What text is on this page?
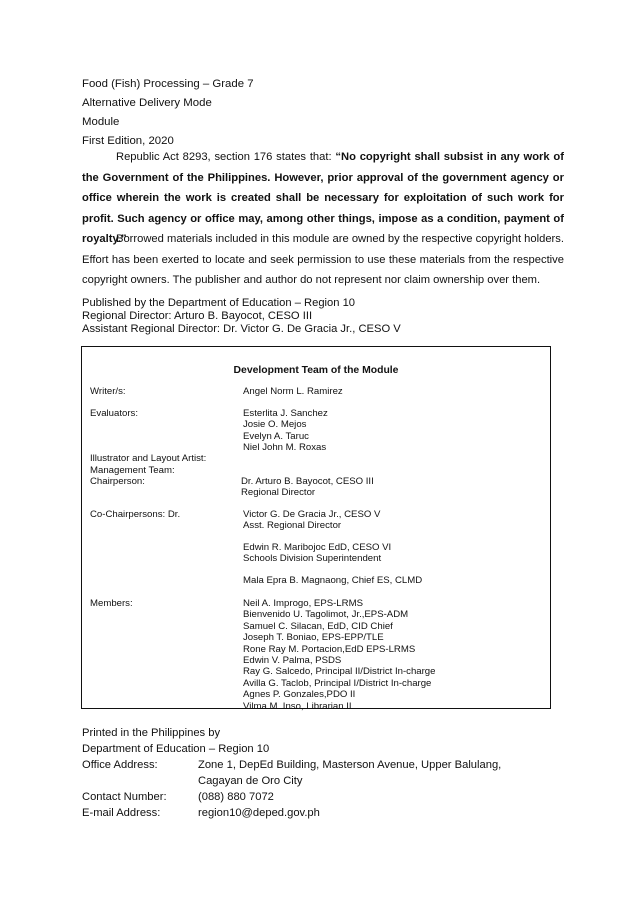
Food (Fish) Processing – Grade 7
Alternative Delivery Mode
Module
First Edition, 2020
Republic Act 8293, section 176 states that: “No copyright shall subsist in any work of the Government of the Philippines. However, prior approval of the government agency or office wherein the work is created shall be necessary for exploitation of such work for profit. Such agency or office may, among other things, impose as a condition, payment of royalty.”
Borrowed materials included in this module are owned by the respective copyright holders. Effort has been exerted to locate and seek permission to use these materials from the respective copyright owners. The publisher and author do not represent nor claim ownership over them.
Published by the Department of Education – Region 10
Regional Director: Arturo B. Bayocot, CESO III
Assistant Regional Director: Dr. Victor G. De Gracia Jr., CESO V
Development Team of the Module
Writer/s:	Angel Norm L. Ramirez
Evaluators:	Esterlita J. Sanchez
Josie O. Mejos
Evelyn A. Taruc
Niel John M. Roxas
Illustrator and Layout Artist:
Management Team:
Chairperson:	Dr. Arturo B. Bayocot, CESO III
Regional Director
Co-Chairpersons: Dr.	Victor G. De Gracia Jr., CESO V
Asst. Regional Director
Edwin R. Maribojoc EdD, CESO VI
Schools Division Superintendent
Mala Epra B. Magnaong, Chief ES, CLMD
Members:	Neil A. Improgo, EPS-LRMS
Bienvenido U. Tagolimot, Jr.,EPS-ADM
Samuel C. Silacan, EdD, CID Chief
Joseph T. Boniao, EPS-EPP/TLE
Rone Ray M. Portacion,EdD EPS-LRMS
Edwin V. Palma, PSDS
Ray G. Salcedo, Principal II/District In-charge
Avilla G. Taclob, Principal I/District In-charge
Agnes P. Gonzales,PDO II
Vilma M. Inso, Librarian II
Printed in the Philippines by
Department of Education – Region 10
Office Address:	Zone 1, DepEd Building, Masterson Avenue, Upper Balulang,
Cagayan de Oro City
Contact Number:	(088) 880 7072
E-mail Address:	region10@deped.gov.ph
